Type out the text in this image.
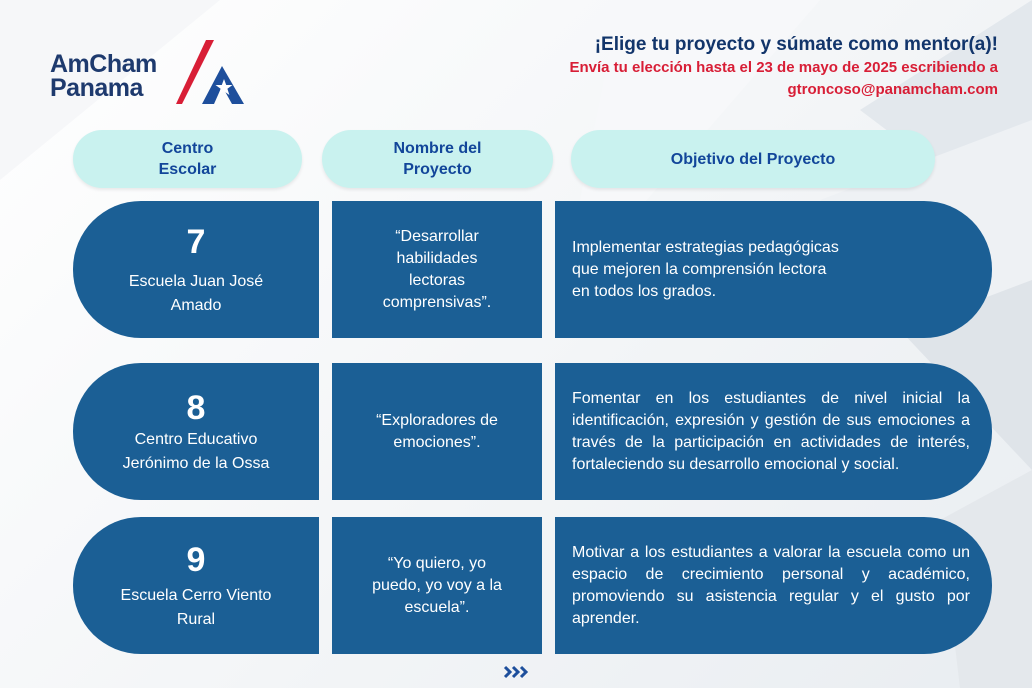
AmCham
Panama
¡Elige tu proyecto y súmate como mentor(a)!
Envía tu elección hasta el 23 de mayo de 2025 escribiendo a
gtroncoso@panamcham.com
Centro
Escolar
Nombre del
Proyecto
Objetivo del Proyecto
7
Escuela Juan José
Amado
“Desarrollar
habilidades
lectoras
comprensivas”.
Implementar estrategias pedagógicas
que mejoren la comprensión lectora
en todos los grados.
8
Centro Educativo
Jerónimo de la Ossa
“Exploradores de
emociones”.
Fomentar en los estudiantes de nivel inicial la identificación, expresión y gestión de sus emociones a través de la participación en actividades de interés, fortaleciendo su desarrollo emocional y social.
9
Escuela Cerro Viento
Rural
“Yo quiero, yo
puedo, yo voy a la
escuela”.
Motivar a los estudiantes a valorar la escuela como un espacio de crecimiento personal y académico, promoviendo su asistencia regular y el gusto por aprender.
